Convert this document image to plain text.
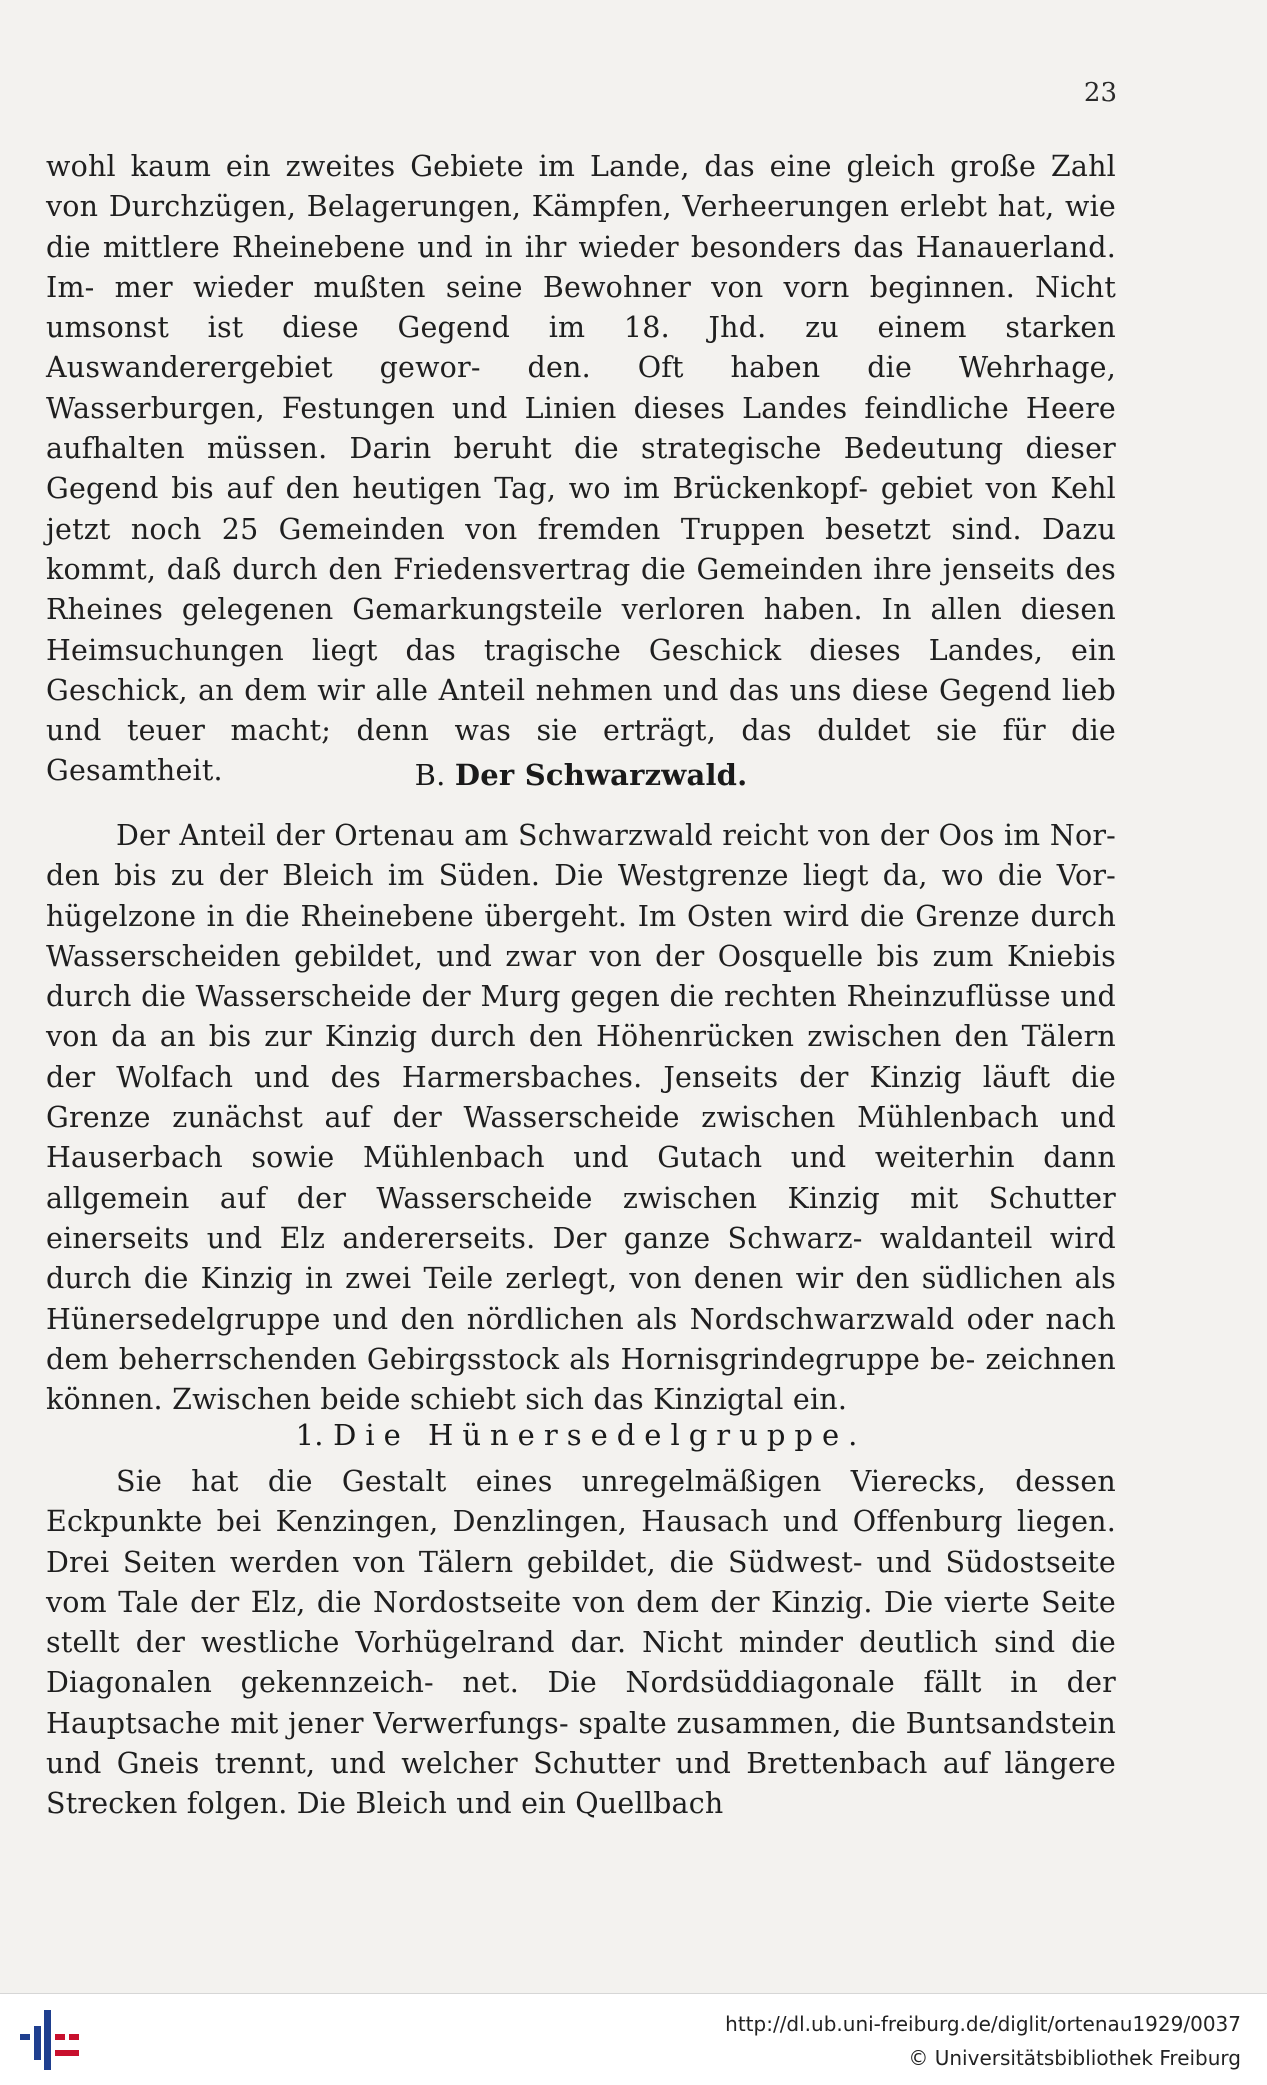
23

wohl kaum ein zweites Gebiete im Lande, das eine gleich große Zahl von Durchzügen, Belagerungen, Kämpfen, Verheerungen erlebt hat, wie die mittlere Rheinebene und in ihr wieder besonders das Hanauerland. Im- mer wieder mußten seine Bewohner von vorn beginnen. Nicht umsonst ist diese Gegend im 18. Jhd. zu einem starken Auswanderergebiet gewor- den. Oft haben die Wehrhage, Wasserburgen, Festungen und Linien dieses Landes feindliche Heere aufhalten müssen. Darin beruht die strategische Bedeutung dieser Gegend bis auf den heutigen Tag, wo im Brückenkopf- gebiet von Kehl jetzt noch 25 Gemeinden von fremden Truppen besetzt sind. Dazu kommt, daß durch den Friedensvertrag die Gemeinden ihre jenseits des Rheines gelegenen Gemarkungsteile verloren haben. In allen diesen Heimsuchungen liegt das tragische Geschick dieses Landes, ein Geschick, an dem wir alle Anteil nehmen und das uns diese Gegend lieb und teuer macht; denn was sie erträgt, das duldet sie für die Gesamtheit.	B. Der Schwarzwald.

Der Anteil der Ortenau am Schwarzwald reicht von der Oos im Nor- den bis zu der Bleich im Süden. Die Westgrenze liegt da, wo die Vor- hügelzone in die Rheinebene übergeht. Im Osten wird die Grenze durch Wasserscheiden gebildet, und zwar von der Oosquelle bis zum Kniebis durch die Wasserscheide der Murg gegen die rechten Rheinzuflüsse und von da an bis zur Kinzig durch den Höhenrücken zwischen den Tälern der Wolfach und des Harmersbaches. Jenseits der Kinzig läuft die Grenze zunächst auf der Wasserscheide zwischen Mühlenbach und Hauserbach sowie Mühlenbach und Gutach und weiterhin dann allgemein auf der Wasserscheide zwischen Kinzig mit Schutter einerseits und Elz andererseits. Der ganze Schwarz- waldanteil wird durch die Kinzig in zwei Teile zerlegt, von denen wir den südlichen als Hünersedelgruppe und den nördlichen als Nordschwarzwald oder nach dem beherrschenden Gebirgsstock als Hornisgrindegruppe be- zeichnen können. Zwischen beide schiebt sich das Kinzigtal ein.

1. Die Hünersedelgruppe.

Sie hat die Gestalt eines unregelmäßigen Vierecks, dessen Eckpunkte bei Kenzingen, Denzlingen, Hausach und Offenburg liegen. Drei Seiten werden von Tälern gebildet, die Südwest- und Südostseite vom Tale der Elz, die Nordostseite von dem der Kinzig. Die vierte Seite stellt der westliche Vorhügelrand dar. Nicht minder deutlich sind die Diagonalen gekennzeich- net. Die Nordsüddiagonale fällt in der Hauptsache mit jener Verwerfungs- spalte zusammen, die Buntsandstein und Gneis trennt, und welcher Schutter und Brettenbach auf längere Strecken folgen. Die Bleich und ein Quellbach

http://dl.ub.uni-freiburg.de/diglit/ortenau1929/0037
© Universitätsbibliothek Freiburg
